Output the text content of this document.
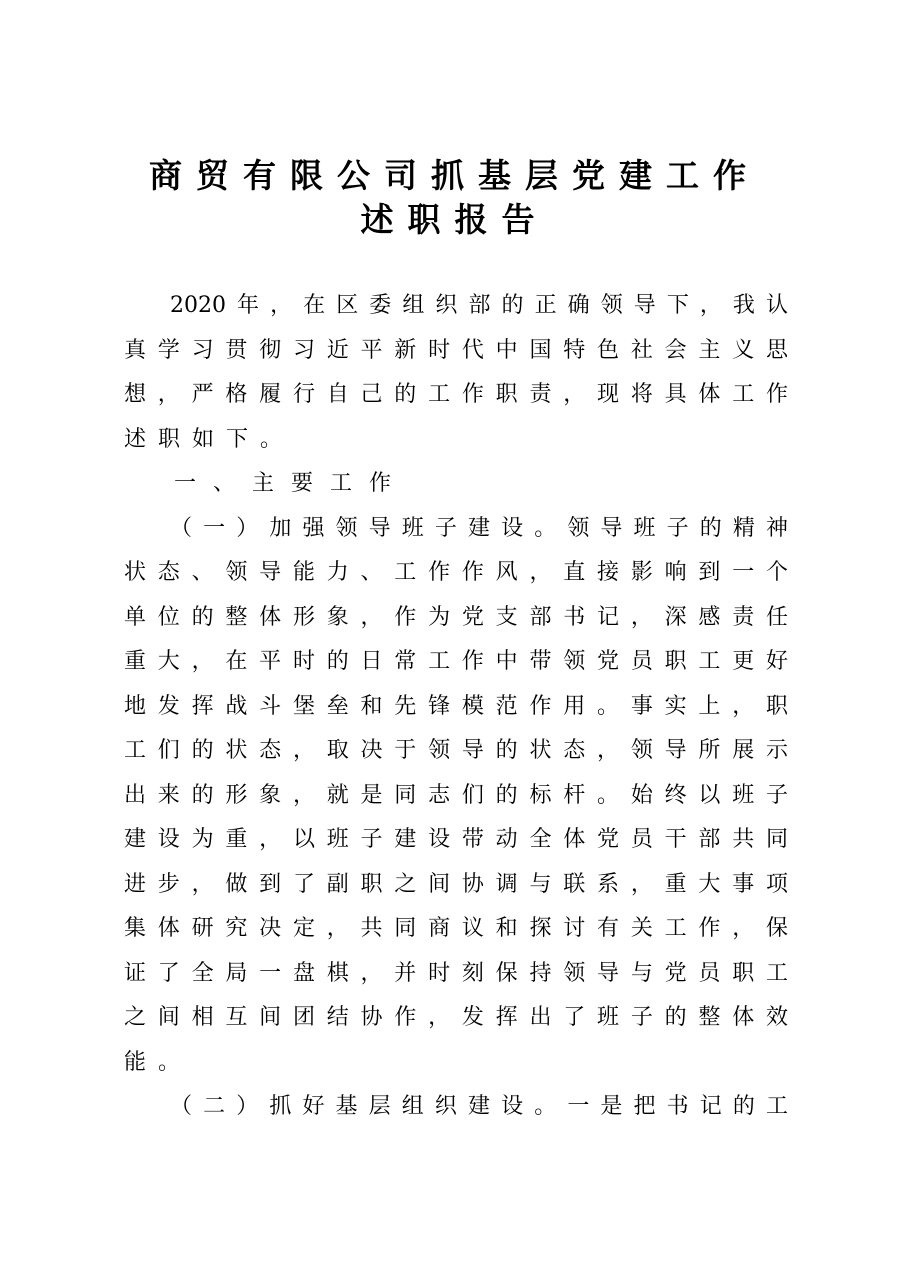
商贸有限公司抓基层党建工作
述职报告
2020年，在区委组织部的正确领导下，我认
真学习贯彻习近平新时代中国特色社会主义思
想，严格履行自己的工作职责，现将具体工作
述职如下。
一、主要工作
（一）加强领导班子建设。领导班子的精神
状态、领导能力、工作作风，直接影响到一个
单位的整体形象，作为党支部书记，深感责任
重大，在平时的日常工作中带领党员职工更好
地发挥战斗堡垒和先锋模范作用。事实上，职
工们的状态，取决于领导的状态，领导所展示
出来的形象，就是同志们的标杆。始终以班子
建设为重，以班子建设带动全体党员干部共同
进步，做到了副职之间协调与联系，重大事项
集体研究决定，共同商议和探讨有关工作，保
证了全局一盘棋，并时刻保持领导与党员职工
之间相互间团结协作，发挥出了班子的整体效
能。
（二）抓好基层组织建设。一是把书记的工
